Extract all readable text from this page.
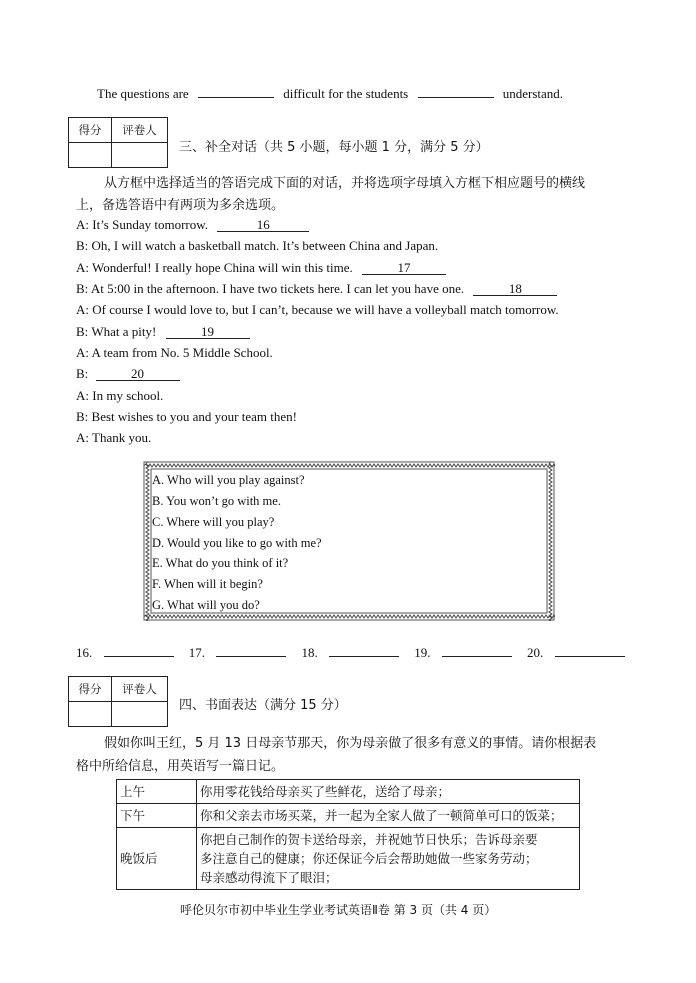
The questions are	difficult for the students	understand.
得分	评卷人

三、补全对话（共 5 小题，每小题 1 分，满分 5 分）
从方框中选择适当的答语完成下面的对话，并将选项字母填入方框下相应题号的横线
上，备选答语中有两项为多余选项。
A: It’s Sunday tomorrow.	16
B: Oh, I will watch a basketball match. It’s between China and Japan.
A: Wonderful! I really hope China will win this time.	17
B: At 5:00 in the afternoon. I have two tickets here. I can let you have one.	18
A: Of course I would love to, but I can’t, because we will have a volleyball match tomorrow.
B: What a pity!	19
A: A team from No. 5 Middle School.
B:	20
A: In my school.
B: Best wishes to you and your team then!
A: Thank you.
A. Who will you play against?
B. You won’t go with me.
C. Where will you play?
D. Would you like to go with me?
E. What do you think of it?
F. When will it begin?
G. What will you do?
16.	17.	18.	19.	20.
得分	评卷人

四、书面表达（满分 15 分）
假如你叫王红，5 月 13 日母亲节那天，你为母亲做了很多有意义的事情。请你根据表
格中所给信息，用英语写一篇日记。
上午	你用零花钱给母亲买了些鲜花，送给了母亲；
下午	你和父亲去市场买菜，并一起为全家人做了一顿简单可口的饭菜；
晚饭后	你把自己制作的贺卡送给母亲，并祝她节日快乐；告诉母亲要
多注意自己的健康；你还保证今后会帮助她做一些家务劳动；
母亲感动得流下了眼泪；
呼伦贝尔市初中毕业生学业考试英语Ⅱ卷 第 3 页（共 4 页）
